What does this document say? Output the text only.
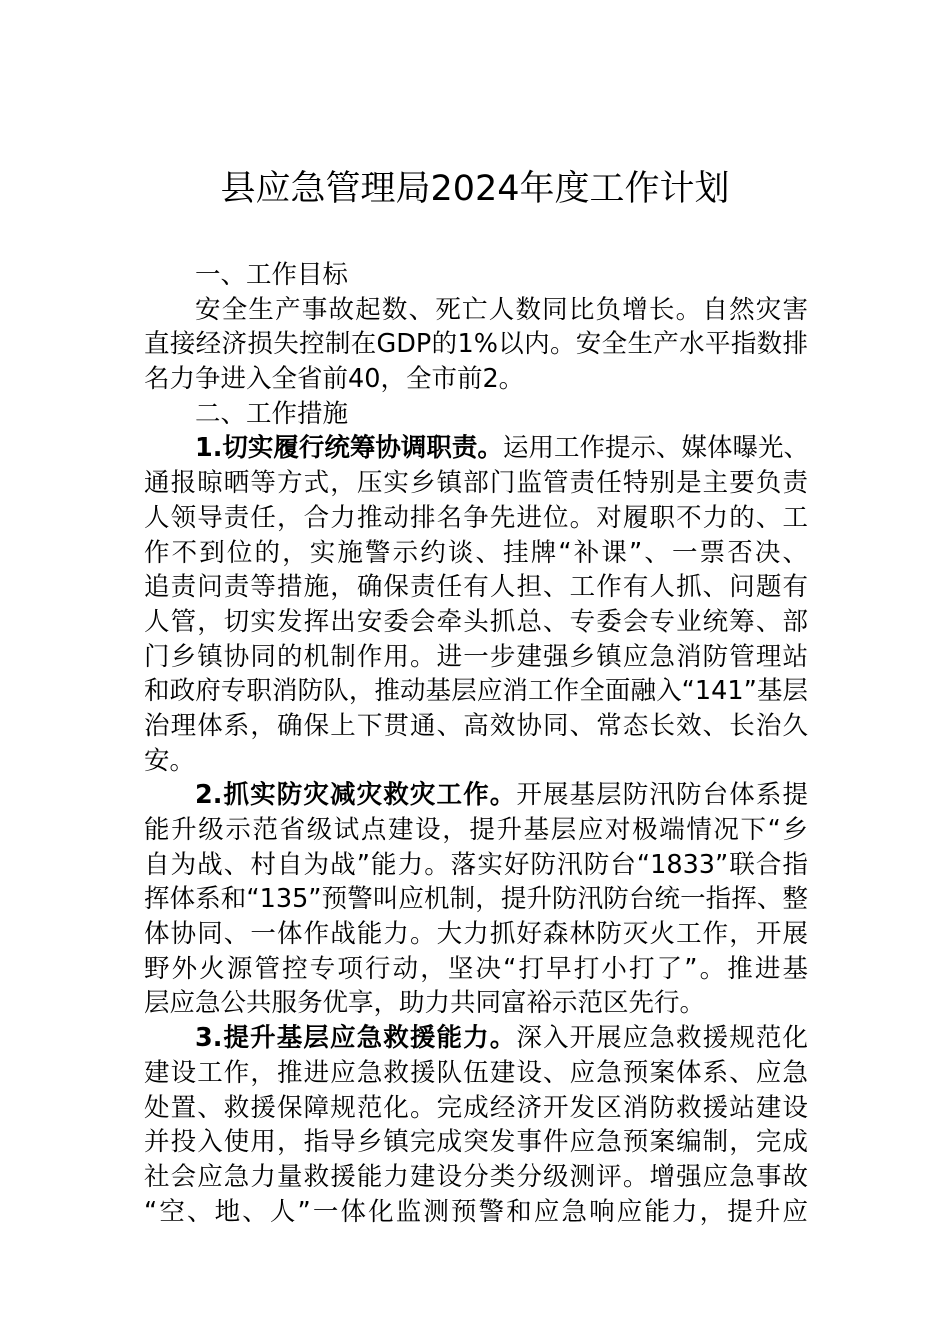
县应急管理局2024年度工作计划
一、工作目标
安全生产事故起数、死亡人数同比负增长。自然灾害
直接经济损失控制在GDP的1%以内。安全生产水平指数排
名力争进入全省前40，全市前2。
二、工作措施
1.切实履行统筹协调职责。运用工作提示、媒体曝光、
通报晾晒等方式，压实乡镇部门监管责任特别是主要负责
人领导责任，合力推动排名争先进位。对履职不力的、工
作不到位的，实施警示约谈、挂牌“补课”、一票否决、
追责问责等措施，确保责任有人担、工作有人抓、问题有
人管，切实发挥出安委会牵头抓总、专委会专业统筹、部
门乡镇协同的机制作用。进一步建强乡镇应急消防管理站
和政府专职消防队，推动基层应消工作全面融入“141”基层
治理体系，确保上下贯通、高效协同、常态长效、长治久
安。
2.抓实防灾减灾救灾工作。开展基层防汛防台体系提
能升级示范省级试点建设，提升基层应对极端情况下“乡
自为战、村自为战”能力。落实好防汛防台“1833”联合指
挥体系和“135”预警叫应机制，提升防汛防台统一指挥、整
体协同、一体作战能力。大力抓好森林防灭火工作，开展
野外火源管控专项行动，坚决“打早打小打了”。推进基
层应急公共服务优享，助力共同富裕示范区先行。
3.提升基层应急救援能力。深入开展应急救援规范化
建设工作，推进应急救援队伍建设、应急预案体系、应急
处置、救援保障规范化。完成经济开发区消防救援站建设
并投入使用，指导乡镇完成突发事件应急预案编制，完成
社会应急力量救援能力建设分类分级测评。增强应急事故
“空、地、人”一体化监测预警和应急响应能力，提升应
